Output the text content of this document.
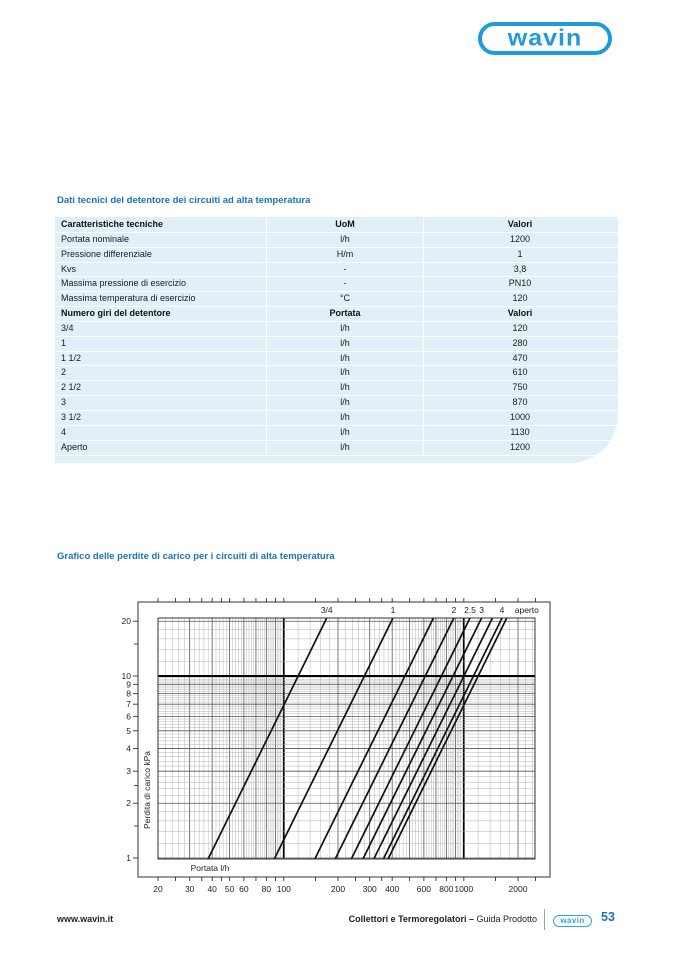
wavin
Dati tecnici del detentore dei circuiti ad alta temperatura
Caratteristiche tecniche	UoM	Valori
Portata nominale	l/h	1200
Pressione differenziale	H/m	1
Kvs	-	3,8
Massima pressione di esercizio	-	PN10
Massima temperatura di esercizio	°C	120
Numero giri del detentore	Portata	Valori
3/4	l/h	120
1	l/h	280
1 1/2	l/h	470
2	l/h	610
2 1/2	l/h	750
3	l/h	870
3 1/2	l/h	1000
4	l/h	1130
Aperto	l/h	1200
Grafico delle perdite di carico per i circuiti di alta temperatura
3/4	1	2 2.5 3 4 aperto
20	30 40 50 60 80 100	200 300 400 600 800 1000	2000
20
10
9
8
7
6
5
4
3
2
1
Portata l/h
Perdita di carico kPa
www.wavin.it	Collettori e Termoregolatori – Guida Prodotto	wavin 53
